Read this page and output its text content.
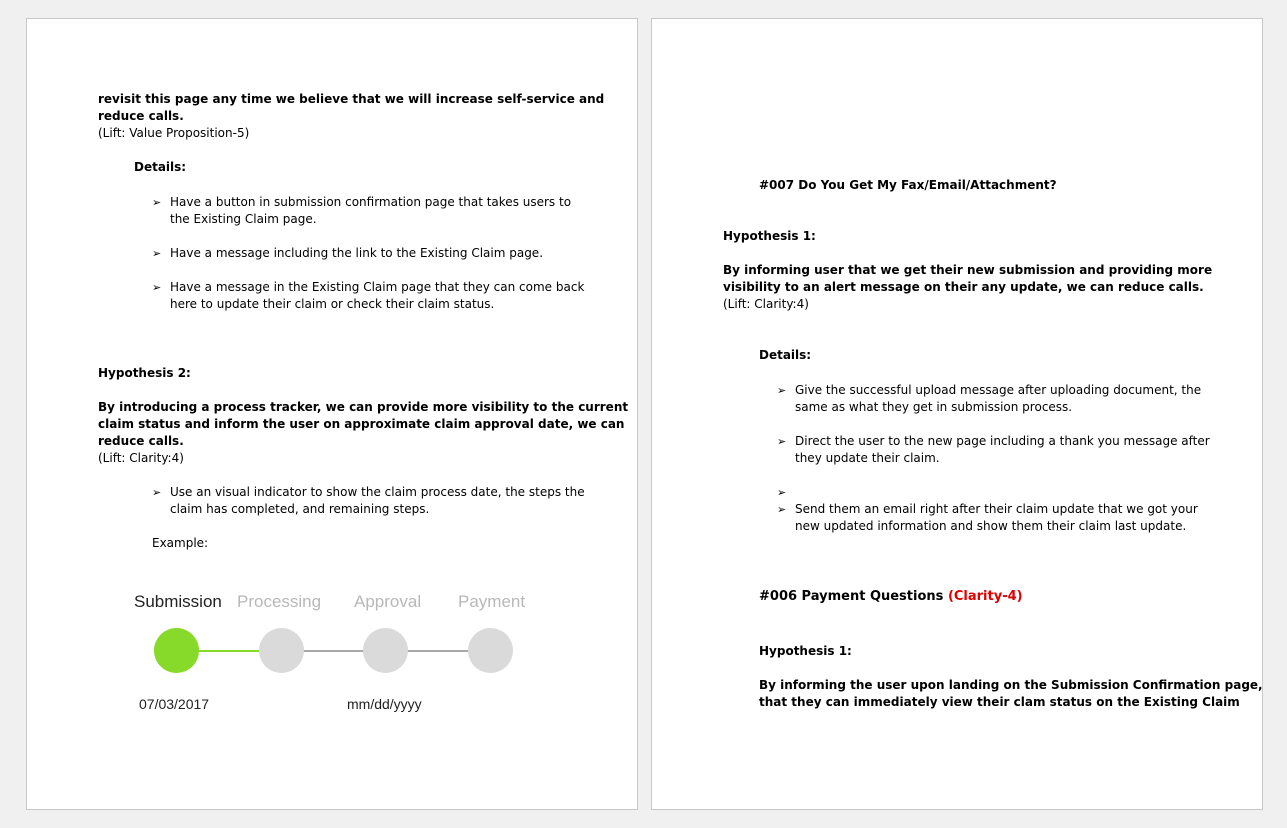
revisit this page any time we believe that we will increase self-service and
reduce calls.
(Lift: Value Proposition-5)
Details:
➢ Have a button in submission confirmation page that takes users to
the Existing Claim page.
➢ Have a message including the link to the Existing Claim page.
➢ Have a message in the Existing Claim page that they can come back
here to update their claim or check their claim status.
Hypothesis 2:
By introducing a process tracker, we can provide more visibility to the current
claim status and inform the user on approximate claim approval date, we can
reduce calls.
(Lift: Clarity:4)
➢ Use an visual indicator to show the claim process date, the steps the
claim has completed, and remaining steps.
Example:
Submission Processing Approval Payment
07/03/2017	mm/dd/yyyy
#007 Do You Get My Fax/Email/Attachment?
Hypothesis 1:
By informing user that we get their new submission and providing more
visibility to an alert message on their any update, we can reduce calls.
(Lift: Clarity:4)
Details:
➢ Give the successful upload message after uploading document, the
same as what they get in submission process.
➢ Direct the user to the new page including a thank you message after
they update their claim.
➢
➢ Send them an email right after their claim update that we got your
new updated information and show them their claim last update.
#006 Payment Questions (Clarity-4)
Hypothesis 1:
By informing the user upon landing on the Submission Confirmation page,
that they can immediately view their clam status on the Existing Claim
